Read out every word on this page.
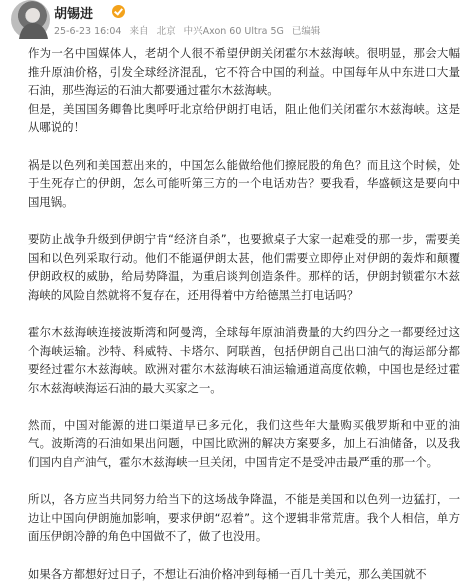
胡锡进
25-6-23 16:04 来自 北京 中兴Axon 60 Ultra 5G 已编辑

作为一名中国媒体人，老胡个人很不希望伊朗关闭霍尔木兹海峡。很明显，那会大幅推升原油价格，引发全球经济混乱，它不符合中国的利益。中国每年从中东进口大量石油，那些海运的石油大都要通过霍尔木兹海峡。
但是，美国国务卿鲁比奥呼吁北京给伊朗打电话，阻止他们关闭霍尔木兹海峡。这是从哪说的！

祸是以色列和美国惹出来的，中国怎么能做给他们擦屁股的角色？而且这个时候，处于生死存亡的伊朗，怎么可能听第三方的一个电话劝告？要我看，华盛顿这是要向中国甩锅。

要防止战争升级到伊朗宁肯“经济自杀”，也要掀桌子大家一起难受的那一步，需要美国和以色列采取行动。他们不能逼伊朗太甚，他们需要立即停止对伊朗的轰炸和颠覆伊朗政权的威胁，给局势降温，为重启谈判创造条件。那样的话，伊朗封锁霍尔木兹海峡的风险自然就将不复存在，还用得着中方给德黑兰打电话吗？

霍尔木兹海峡连接波斯湾和阿曼湾，全球每年原油消费量的大约四分之一都要经过这个海峡运输。沙特、科威特、卡塔尔、阿联酋，包括伊朗自己出口油气的海运部分都要经过霍尔木兹海峡。欧洲对霍尔木兹海峡石油运输通道高度依赖，中国也是经过霍尔木兹海峡海运石油的最大买家之一。

然而，中国对能源的进口渠道早已多元化，我们这些年大量购买俄罗斯和中亚的油气。波斯湾的石油如果出问题，中国比欧洲的解决方案要多，加上石油储备，以及我们国内自产油气，霍尔木兹海峡一旦关闭，中国肯定不是受冲击最严重的那一个。

所以，各方应当共同努力给当下的这场战争降温，不能是美国和以色列一边猛打，一边让中国向伊朗施加影响，要求伊朗“忍着”。这个逻辑非常荒唐。我个人相信，单方面压伊朗冷静的角色中国做不了，做了也没用。

如果各方都想好过日子，不想让石油价格冲到每桶一百几十美元，那么美国就不
